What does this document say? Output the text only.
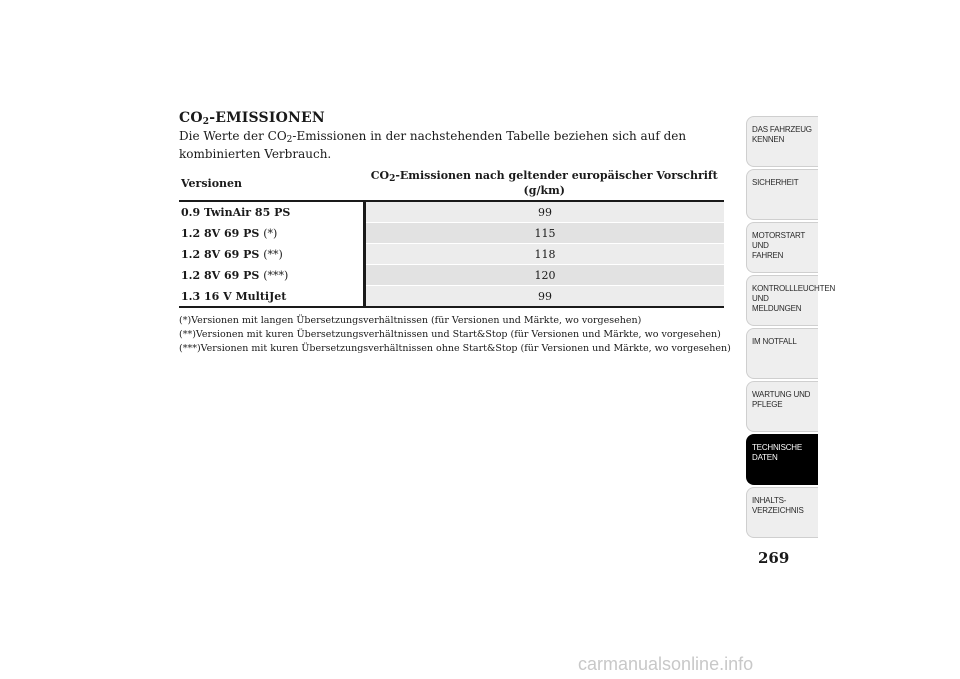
$CO_2$-EMISSIONEN

Die Werte der $CO_2$-Emissionen in der nachstehenden Tabelle beziehen sich auf den kombinierten Verbrauch.

Versionen	$CO_2$-Emissionen nach geltender europäischer Vorschrift (g/km)
0.9 TwinAir 85 PS	99
1.2 8V 69 PS (*)	115
1.2 8V 69 PS (**)	118
1.2 8V 69 PS (***)	120
1.3 16 V MultiJet	99
(*)Versionen mit langen Übersetzungsverhältnissen (für Versionen und Märkte, wo vorgesehen)
(**)Versionen mit kuren Übersetzungsverhältnissen und Start&Stop (für Versionen und Märkte, wo vorgesehen)
(***)Versionen mit kuren Übersetzungsverhältnissen ohne Start&Stop (für Versionen und Märkte, wo vorgesehen)
DAS FAHRZEUG
KENNEN
SICHERHEIT
MOTORSTART UND
FAHREN
KONTROLLLEUCHTEN
UND MELDUNGEN
IM NOTFALL
WARTUNG UND
PFLEGE
TECHNISCHE
DATEN
INHALTS-
VERZEICHNIS
269
carmanualsonline.info
